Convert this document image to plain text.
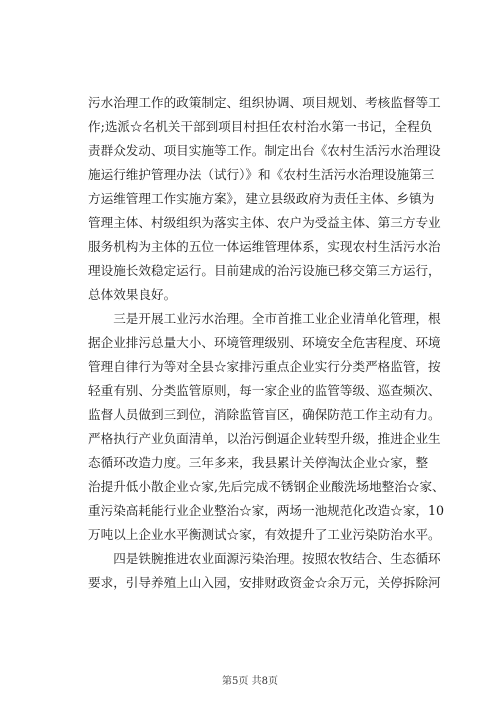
污水治理工作的政策制定、组织协调、项目规划、考核监督等工
作;选派☆名机关干部到项目村担任农村治水第一书记，全程负
责群众发动、项目实施等工作。制定出台《农村生活污水治理设
施运行维护管理办法（试行）》和《农村生活污水治理设施第三
方运维管理工作实施方案》，建立县级政府为责任主体、乡镇为
管理主体、村级组织为落实主体、农户为受益主体、第三方专业
服务机构为主体的五位一体运维管理体系，实现农村生活污水治
理设施长效稳定运行。目前建成的治污设施已移交第三方运行，
总体效果良好。
　　三是开展工业污水治理。全市首推工业企业清单化管理，根
据企业排污总量大小、环境管理级别、环境安全危害程度、环境
管理自律行为等对全县☆家排污重点企业实行分类严格监管，按
轻重有别、分类监管原则，每一家企业的监管等级、巡查频次、
监督人员做到三到位，消除监管盲区，确保防范工作主动有力。
严格执行产业负面清单，以治污倒逼企业转型升级，推进企业生
态循环改造力度。三年多来，我县累计关停淘汰企业☆家，整
治提升低小散企业☆家,先后完成不锈钢企业酸洗场地整治☆家、
重污染高耗能行业企业整治☆家，两场一池规范化改造☆家，10
万吨以上企业水平衡测试☆家，有效提升了工业污染防治水平。
　　四是铁腕推进农业面源污染治理。按照农牧结合、生态循环
要求，引导养殖上山入园，安排财政资金☆余万元，关停拆除河
第5页 共8页
